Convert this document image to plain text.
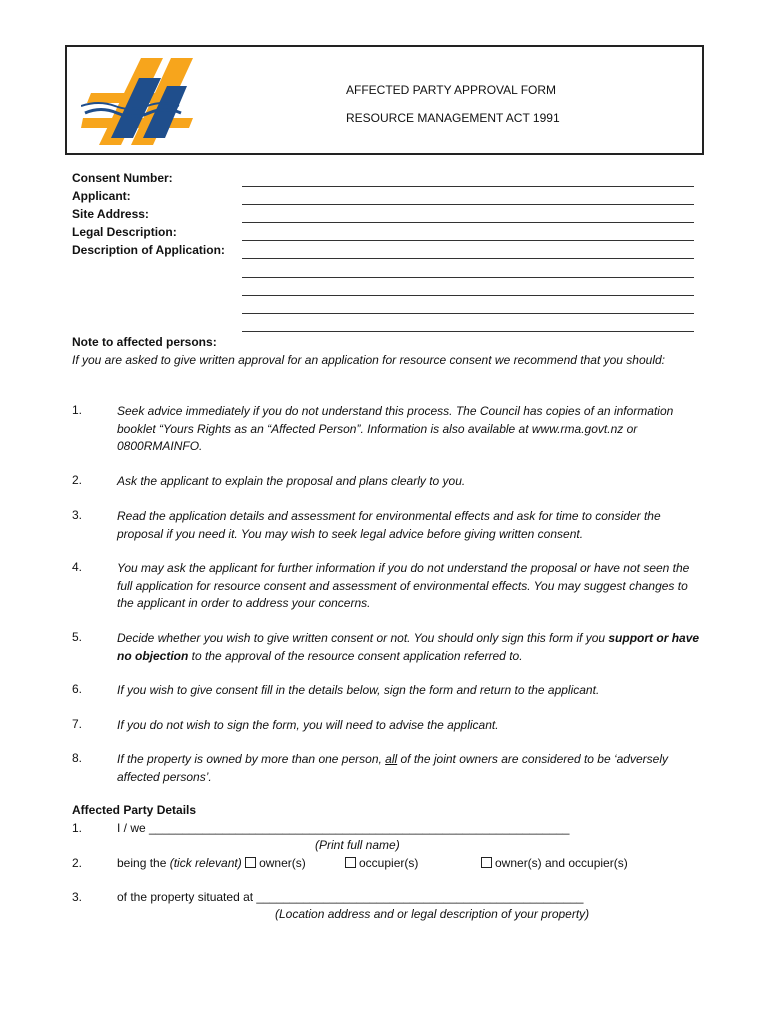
AFFECTED PARTY APPROVAL FORM
RESOURCE MANAGEMENT ACT 1991
Consent Number:
Applicant:
Site Address:
Legal Description:
Description of Application:
Note to affected persons:
If you are asked to give written approval for an application for resource consent we recommend that you should:
1.	Seek advice immediately if you do not understand this process. The Council has copies of an information booklet “Yours Rights as an “Affected Person”. Information is also available at www.rma.govt.nz or 0800RMAINFO.
2.	Ask the applicant to explain the proposal and plans clearly to you.
3.	Read the application details and assessment for environmental effects and ask for time to consider the proposal if you need it. You may wish to seek legal advice before giving written consent.
4.	You may ask the applicant for further information if you do not understand the proposal or have not seen the full application for resource consent and assessment of environmental effects. You may suggest changes to the applicant in order to address your concerns.
5.	Decide whether you wish to give written consent or not. You should only sign this form if you support or have no objection to the approval of the resource consent application referred to.
6.	If you wish to give consent fill in the details below, sign the form and return to the applicant.
7.	If you do not wish to sign the form, you will need to advise the applicant.
8.	If the property is owned by more than one person, all of the joint owners are considered to be ‘adversely affected persons’.
Affected Party Details
1.	I / we _______________________________________________________________
(Print full name)
2.	being the (tick relevant) owner(s)	occupier(s)	owner(s) and occupier(s)
3.	of the property situated at _________________________________________________
(Location address and or legal description of your property)
